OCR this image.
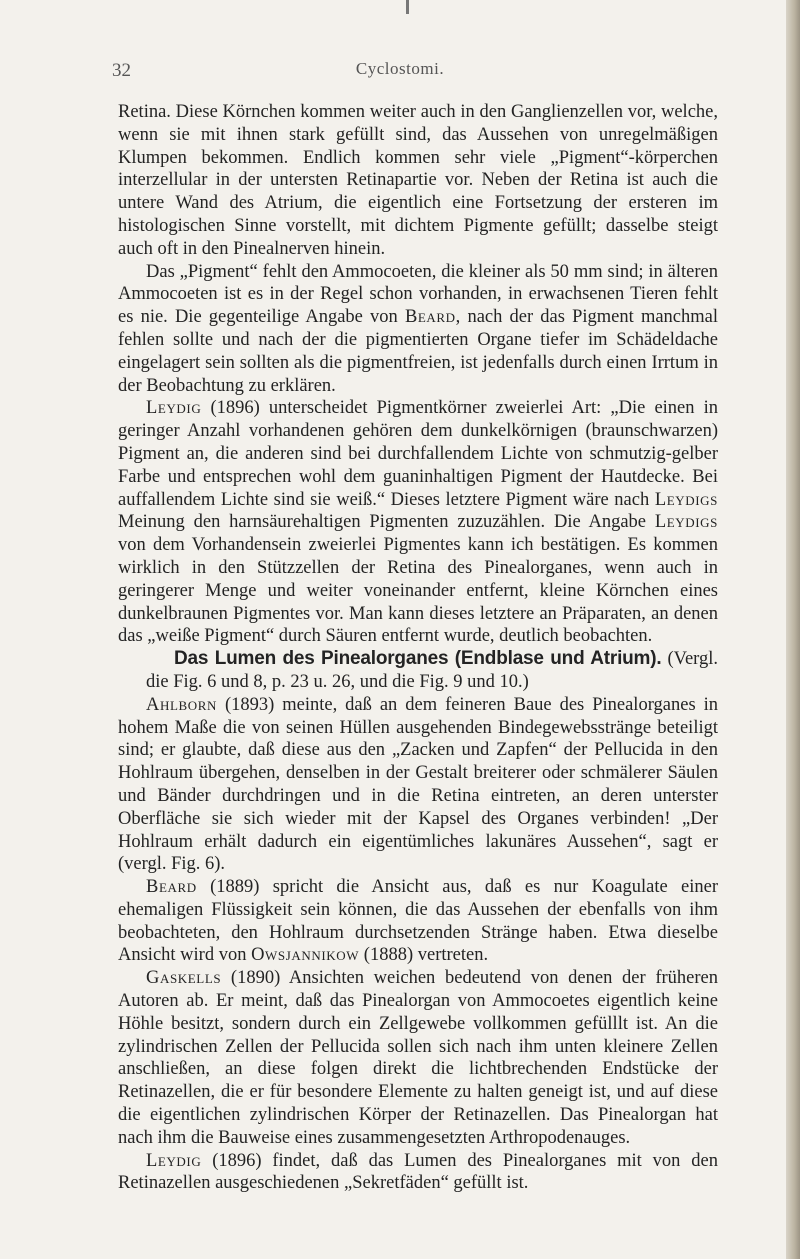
32	Cyclostomi.

Retina. Diese Körnchen kommen weiter auch in den Ganglienzellen vor, welche, wenn sie mit ihnen stark gefüllt sind, das Aussehen von unregelmäßigen Klumpen bekommen. Endlich kommen sehr viele „Pigment“-körperchen interzellular in der untersten Retinapartie vor. Neben der Retina ist auch die untere Wand des Atrium, die eigentlich eine Fortsetzung der ersteren im histologischen Sinne vorstellt, mit dichtem Pigmente gefüllt; dasselbe steigt auch oft in den Pinealnerven hinein.

Das „Pigment“ fehlt den Ammocoeten, die kleiner als 50 mm sind; in älteren Ammocoeten ist es in der Regel schon vorhanden, in erwachsenen Tieren fehlt es nie. Die gegenteilige Angabe von Beard, nach der das Pigment manchmal fehlen sollte und nach der die pigmentierten Organe tiefer im Schädeldache eingelagert sein sollten als die pigmentfreien, ist jedenfalls durch einen Irrtum in der Beobachtung zu erklären.

Leydig (1896) unterscheidet Pigmentkörner zweierlei Art: „Die einen in geringer Anzahl vorhandenen gehören dem dunkelkörnigen (braunschwarzen) Pigment an, die anderen sind bei durchfallendem Lichte von schmutzig-gelber Farbe und entsprechen wohl dem guaninhaltigen Pigment der Hautdecke. Bei auffallendem Lichte sind sie weiß.“ Dieses letztere Pigment wäre nach Leydigs Meinung den harnsäurehaltigen Pigmenten zuzuzählen. Die Angabe Leydigs von dem Vorhandensein zweierlei Pigmentes kann ich bestätigen. Es kommen wirklich in den Stützzellen der Retina des Pinealorganes, wenn auch in geringerer Menge und weiter voneinander entfernt, kleine Körnchen eines dunkelbraunen Pigmentes vor. Man kann dieses letztere an Präparaten, an denen das „weiße Pigment“ durch Säuren entfernt wurde, deutlich beobachten.

Das Lumen des Pinealorganes (Endblase und Atrium). (Vergl. die Fig. 6 und 8, p. 23 u. 26, und die Fig. 9 und 10.)

Ahlborn (1893) meinte, daß an dem feineren Baue des Pinealorganes in hohem Maße die von seinen Hüllen ausgehenden Bindegewebsstränge beteiligt sind; er glaubte, daß diese aus den „Zacken und Zapfen“ der Pellucida in den Hohlraum übergehen, denselben in der Gestalt breiterer oder schmälerer Säulen und Bänder durchdringen und in die Retina eintreten, an deren unterster Oberfläche sie sich wieder mit der Kapsel des Organes verbinden! „Der Hohlraum erhält dadurch ein eigentümliches lakunäres Aussehen“, sagt er (vergl. Fig. 6).

Beard (1889) spricht die Ansicht aus, daß es nur Koagulate einer ehemaligen Flüssigkeit sein können, die das Aussehen der ebenfalls von ihm beobachteten, den Hohlraum durchsetzenden Stränge haben. Etwa dieselbe Ansicht wird von Owsjannikow (1888) vertreten.

Gaskells (1890) Ansichten weichen bedeutend von denen der früheren Autoren ab. Er meint, daß das Pinealorgan von Ammocoetes eigentlich keine Höhle besitzt, sondern durch ein Zellgewebe vollkommen gefülllt ist. An die zylindrischen Zellen der Pellucida sollen sich nach ihm unten kleinere Zellen anschließen, an diese folgen direkt die lichtbrechenden Endstücke der Retinazellen, die er für besondere Elemente zu halten geneigt ist, und auf diese die eigentlichen zylindrischen Körper der Retinazellen. Das Pinealorgan hat nach ihm die Bauweise eines zusammengesetzten Arthropodenauges.

Leydig (1896) findet, daß das Lumen des Pinealorganes mit von den Retinazellen ausgeschiedenen „Sekretfäden“ gefüllt ist.
